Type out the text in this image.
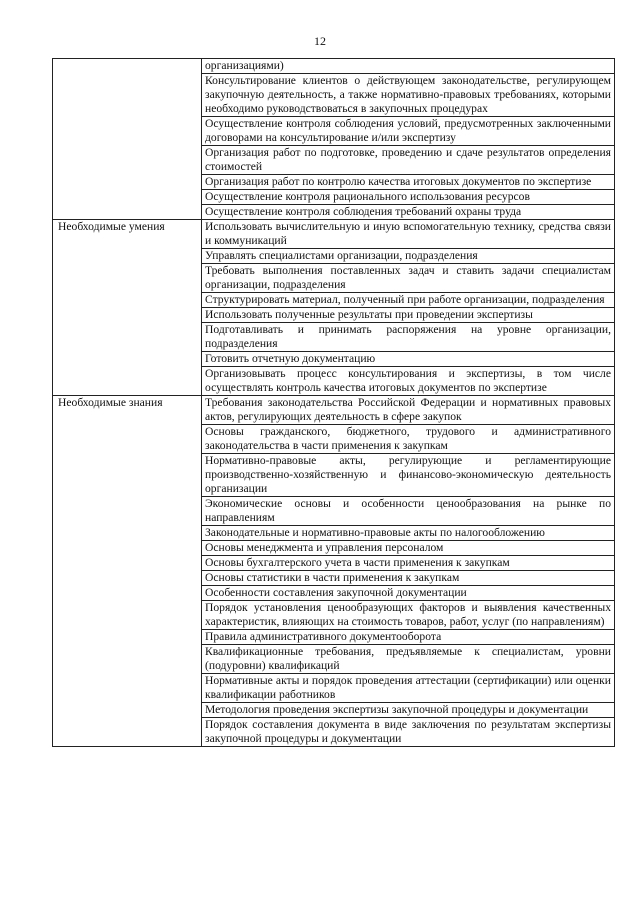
12
	организациями)
	Консультирование клиентов о действующем законодательстве, регулирующем закупочную деятельность, а также нормативно-правовых требованиях, которыми необходимо руководствоваться в закупочных процедурах
	Осуществление контроля соблюдения условий, предусмотренных заключенными договорами на консультирование и/или экспертизу
	Организация работ по подготовке, проведению и сдаче результатов определения стоимостей
	Организация работ по контролю качества итоговых документов по экспертизе
	Осуществление контроля рационального использования ресурсов
	Осуществление контроля соблюдения требований охраны труда
Необходимые умения	Использовать вычислительную и иную вспомогательную технику, средства связи и коммуникаций
	Управлять специалистами организации, подразделения
	Требовать выполнения поставленных задач и ставить задачи специалистам организации, подразделения
	Структурировать материал, полученный при работе организации, подразделения
	Использовать полученные результаты при проведении экспертизы
	Подготавливать и принимать распоряжения на уровне организации, подразделения
	Готовить отчетную документацию
	Организовывать процесс консультирования и экспертизы, в том числе осуществлять контроль качества итоговых документов по экспертизе
Необходимые знания	Требования законодательства Российской Федерации и нормативных правовых актов, регулирующих деятельность в сфере закупок
	Основы гражданского, бюджетного, трудового и административного законодательства в части применения к закупкам
	Нормативно-правовые акты, регулирующие и регламентирующие производственно-хозяйственную и финансово-экономическую деятельность организации
	Экономические основы и особенности ценообразования на рынке по направлениям
	Законодательные и нормативно-правовые акты по налогообложению
	Основы менеджмента и управления персоналом
	Основы бухгалтерского учета в части применения к закупкам
	Основы статистики в части применения к закупкам
	Особенности составления закупочной документации
	Порядок установления ценообразующих факторов и выявления качественных характеристик, влияющих на стоимость товаров, работ, услуг (по направлениям)
	Правила административного документооборота
	Квалификационные требования, предъявляемые к специалистам, уровни (подуровни) квалификаций
	Нормативные акты и порядок проведения аттестации (сертификации) или оценки квалификации работников
	Методология проведения экспертизы закупочной процедуры и документации
	Порядок составления документа в виде заключения по результатам экспертизы закупочной процедуры и документации
